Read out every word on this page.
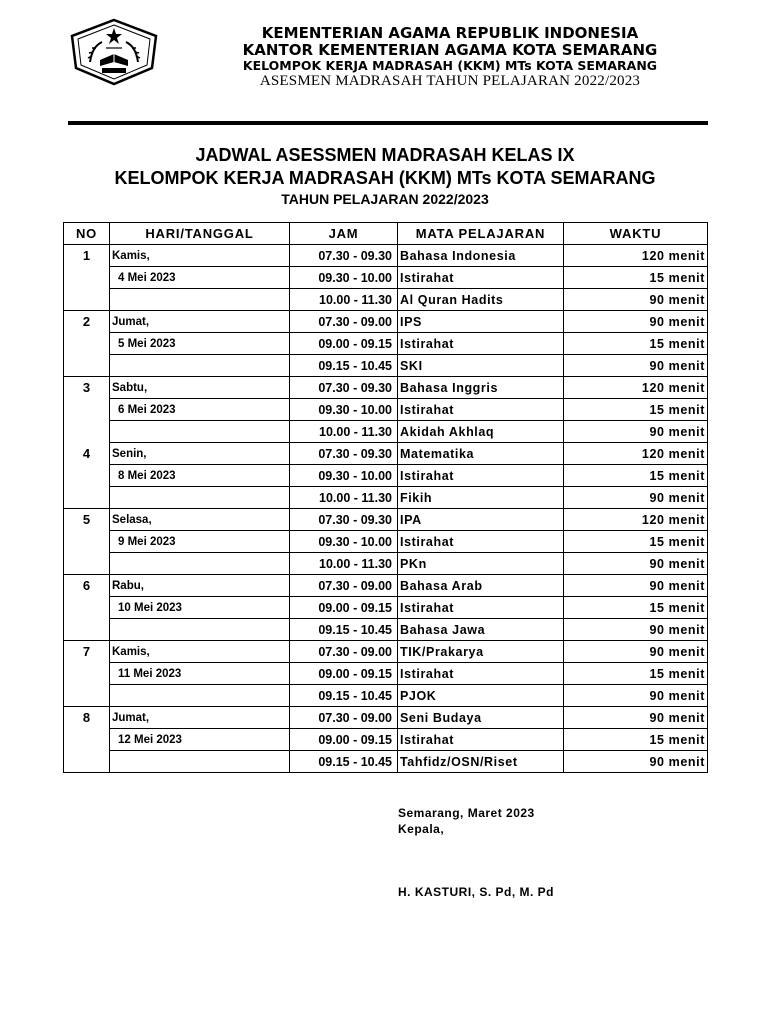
KEMENTERIAN AGAMA REPUBLIK INDONESIA
KANTOR KEMENTERIAN AGAMA KOTA SEMARANG
KELOMPOK KERJA MADRASAH (KKM) MTs KOTA SEMARANG
ASESMEN MADRASAH TAHUN PELAJARAN 2022/2023
JADWAL ASESSMEN MADRASAH KELAS IX
KELOMPOK KERJA MADRASAH (KKM) MTs KOTA SEMARANG
TAHUN PELAJARAN 2022/2023
NO	HARI/TANGGAL	JAM	MATA PELAJARAN	WAKTU
1	Kamis,	07.30 - 09.30	Bahasa Indonesia	120 menit
	4 Mei 2023	09.30 - 10.00	Istirahat	15 menit
		10.00 - 11.30	Al Quran Hadits	90 menit
2	Jumat,	07.30 - 09.00	IPS	90 menit
	5 Mei 2023	09.00 - 09.15	Istirahat	15 menit
		09.15 - 10.45	SKI	90 menit
3	Sabtu,	07.30 - 09.30	Bahasa Inggris	120 menit
	6 Mei 2023	09.30 - 10.00	Istirahat	15 menit
		10.00 - 11.30	Akidah Akhlaq	90 menit
4	Senin,	07.30 - 09.30	Matematika	120 menit
	8 Mei 2023	09.30 - 10.00	Istirahat	15 menit
		10.00 - 11.30	Fikih	90 menit
5	Selasa,	07.30 - 09.30	IPA	120 menit
	9 Mei 2023	09.30 - 10.00	Istirahat	15 menit
		10.00 - 11.30	PKn	90 menit
6	Rabu,	07.30 - 09.00	Bahasa Arab	90 menit
	10 Mei 2023	09.00 - 09.15	Istirahat	15 menit
		09.15 - 10.45	Bahasa Jawa	90 menit
7	Kamis,	07.30 - 09.00	TIK/Prakarya	90 menit
	11 Mei 2023	09.00 - 09.15	Istirahat	15 menit
		09.15 - 10.45	PJOK	90 menit
8	Jumat,	07.30 - 09.00	Seni Budaya	90 menit
	12 Mei 2023	09.00 - 09.15	Istirahat	15 menit
		09.15 - 10.45	Tahfidz/OSN/Riset	90 menit
Semarang, Maret 2023
Kepala,
H. KASTURI, S. Pd, M. Pd
